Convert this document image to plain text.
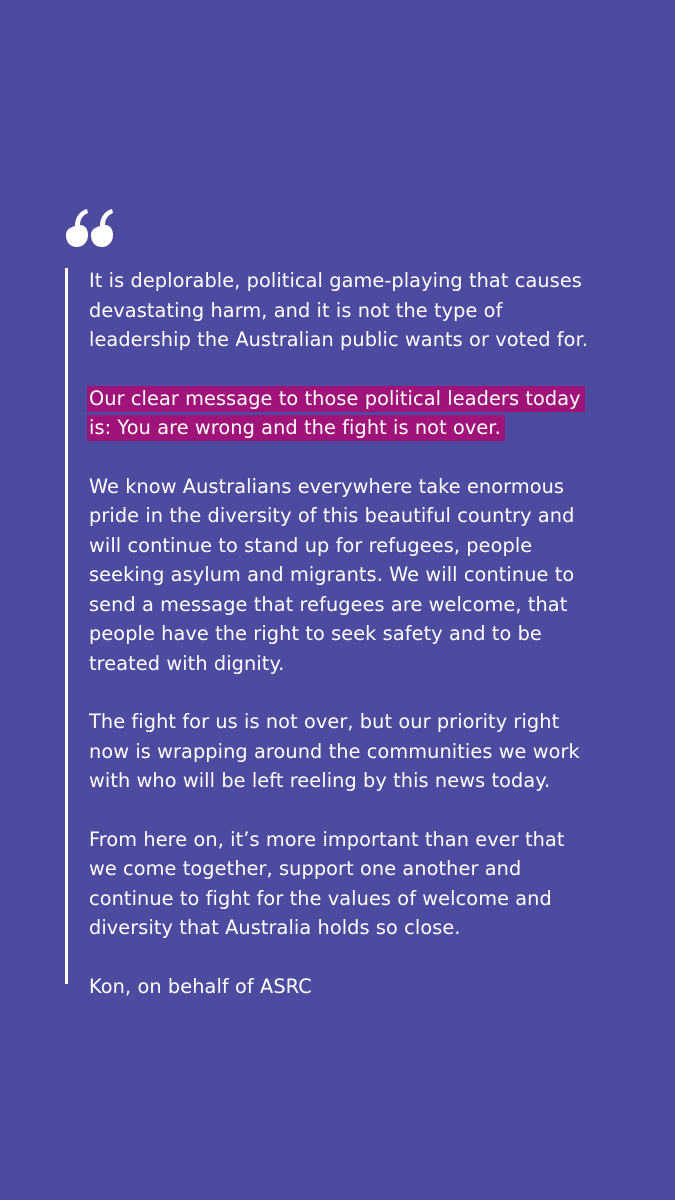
It is deplorable, political game-playing that causes
devastating harm, and it is not the type of
leadership the Australian public wants or voted for.

Our clear message to those political leaders today
is: You are wrong and the fight is not over.

We know Australians everywhere take enormous
pride in the diversity of this beautiful country and
will continue to stand up for refugees, people
seeking asylum and migrants. We will continue to
send a message that refugees are welcome, that
people have the right to seek safety and to be
treated with dignity.

The fight for us is not over, but our priority right
now is wrapping around the communities we work
with who will be left reeling by this news today.

From here on, it’s more important than ever that
we come together, support one another and
continue to fight for the values of welcome and
diversity that Australia holds so close.

Kon, on behalf of ASRC
